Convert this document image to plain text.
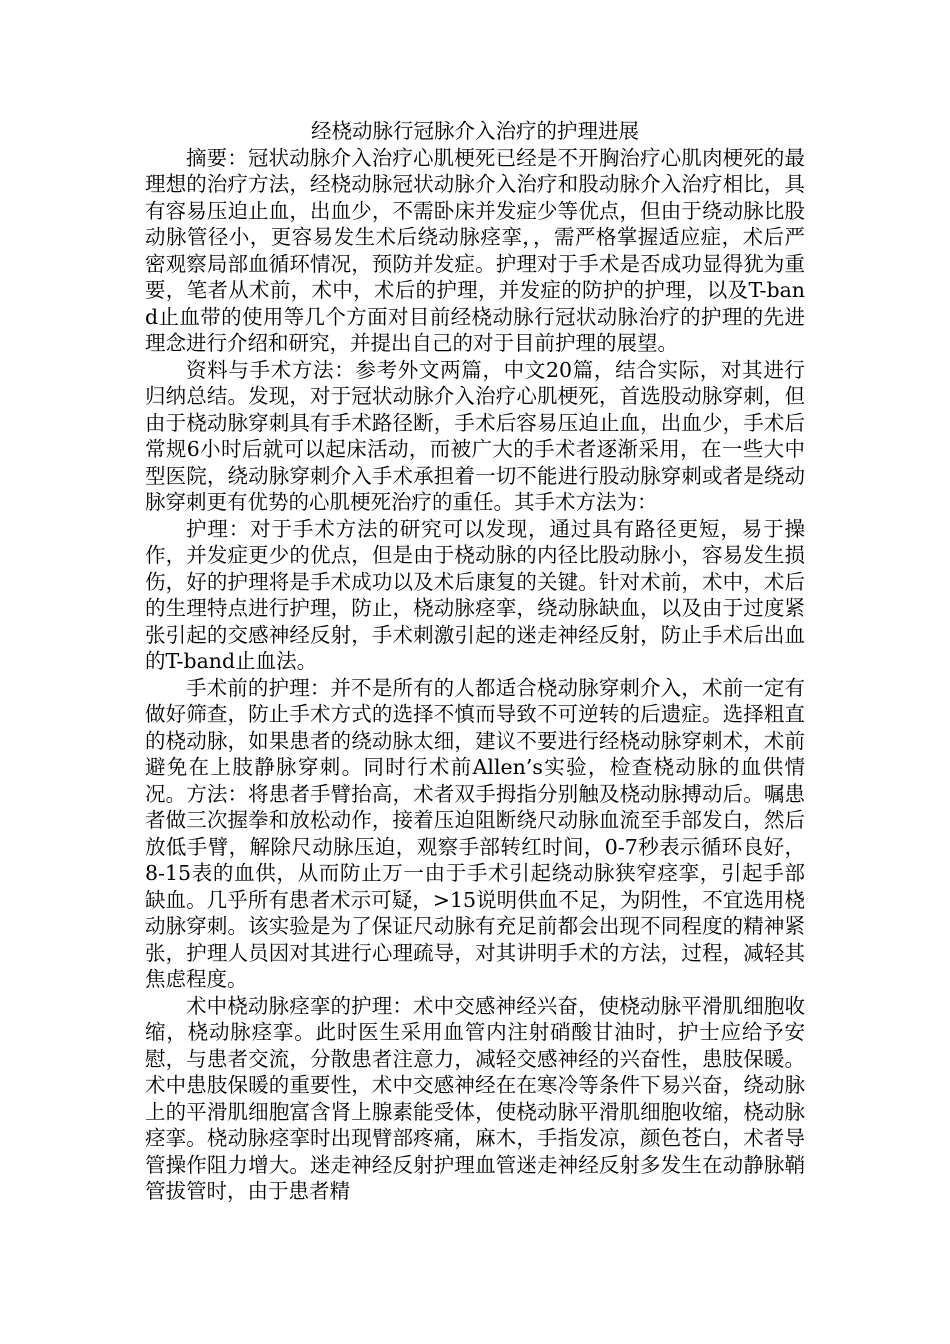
经桡动脉行冠脉介入治疗的护理进展

摘要：冠状动脉介入治疗心肌梗死已经是不开胸治疗心肌肉梗死的最理想的治疗方法，经桡动脉冠状动脉介入治疗和股动脉介入治疗相比，具有容易压迫止血，出血少，不需卧床并发症少等优点，但由于绕动脉比股动脉管径小，更容易发生术后绕动脉痉挛，，需严格掌握适应症，术后严密观察局部血循环情况，预防并发症。护理对于手术是否成功显得犹为重要，笔者从术前，术中，术后的护理，并发症的防护的护理，以及T-band止血带的使用等几个方面对目前经桡动脉行冠状动脉治疗的护理的先进理念进行介绍和研究，并提出自己的对于目前护理的展望。

资料与手术方法：参考外文两篇，中文20篇，结合实际，对其进行归纳总结。发现，对于冠状动脉介入治疗心肌梗死，首选股动脉穿刺，但由于桡动脉穿刺具有手术路径断，手术后容易压迫止血，出血少，手术后常规6小时后就可以起床活动，而被广大的手术者逐渐采用，在一些大中型医院，绕动脉穿刺介入手术承担着一切不能进行股动脉穿刺或者是绕动脉穿刺更有优势的心肌梗死治疗的重任。其手术方法为：

护理：对于手术方法的研究可以发现，通过具有路径更短，易于操作，并发症更少的优点，但是由于桡动脉的内径比股动脉小，容易发生损伤，好的护理将是手术成功以及术后康复的关键。针对术前，术中，术后的生理特点进行护理，防止，桡动脉痉挛，绕动脉缺血，以及由于过度紧张引起的交感神经反射，手术刺激引起的迷走神经反射，防止手术后出血的T-band止血法。

手术前的护理：并不是所有的人都适合桡动脉穿刺介入，术前一定有做好筛查，防止手术方式的选择不慎而导致不可逆转的后遗症。选择粗直的桡动脉，如果患者的绕动脉太细，建议不要进行经桡动脉穿刺术，术前避免在上肢静脉穿刺。同时行术前Allen’s实验，检查桡动脉的血供情况。方法：将患者手臂抬高，术者双手拇指分别触及桡动脉搏动后。嘱患者做三次握拳和放松动作，接着压迫阻断绕尺动脉血流至手部发白，然后放低手臂，解除尺动脉压迫，观察手部转红时间，0-7秒表示循环良好，8-15表的血供，从而防止万一由于手术引起绕动脉狭窄痉挛，引起手部缺血。几乎所有患者术示可疑，>15说明供血不足，为阴性，不宜选用桡动脉穿刺。该实验是为了保证尺动脉有充足前都会出现不同程度的精神紧张，护理人员因对其进行心理疏导，对其讲明手术的方法，过程，减轻其焦虑程度。

术中桡动脉痉挛的护理：术中交感神经兴奋，使桡动脉平滑肌细胞收缩，桡动脉痉挛。此时医生采用血管内注射硝酸甘油时，护士应给予安慰，与患者交流，分散患者注意力，减轻交感神经的兴奋性，患肢保暖。术中患肢保暖的重要性，术中交感神经在在寒冷等条件下易兴奋，绕动脉上的平滑肌细胞富含肾上腺素能受体，使桡动脉平滑肌细胞收缩，桡动脉痉挛。桡动脉痉挛时出现臂部疼痛，麻木，手指发凉，颜色苍白，术者导管操作阻力增大。迷走神经反射护理血管迷走神经反射多发生在动静脉鞘管拔管时，由于患者精
